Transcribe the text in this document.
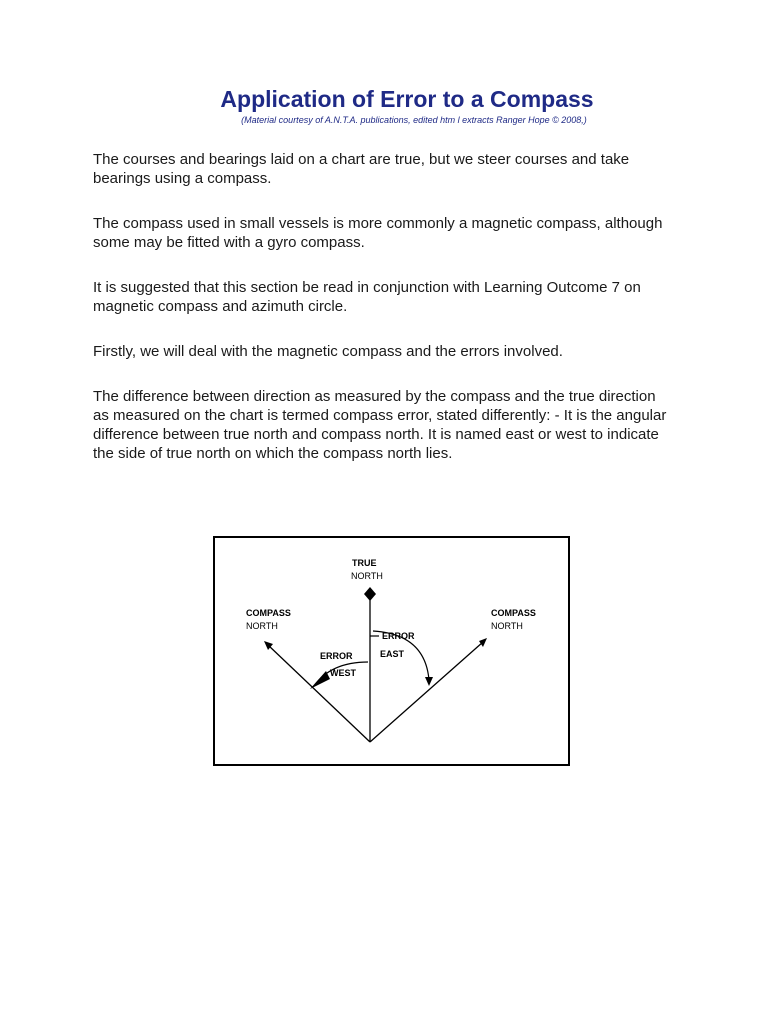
Application of Error to a Compass

(Material courtesy of A.N.T.A. publications, edited htm l extracts Ranger Hope © 2008,)

The courses and bearings laid on a chart are true, but we steer courses and take bearings using a compass.

The compass used in small vessels is more commonly a magnetic compass, although some may be fitted with a gyro compass.

It is suggested that this section be read in conjunction with Learning Outcome 7 on magnetic compass and azimuth circle.

Firstly, we will deal with the magnetic compass and the errors involved.

The difference between direction as measured by the compass and the true direction as measured on the chart is termed compass error, stated differently: - It is the angular difference between true north and compass north. It is named east or west to indicate the side of true north on which the compass north lies.

TRUE
NORTH
COMPASS
NORTH
COMPASS
NORTH
ERROR
WEST
ERROR
EAST
